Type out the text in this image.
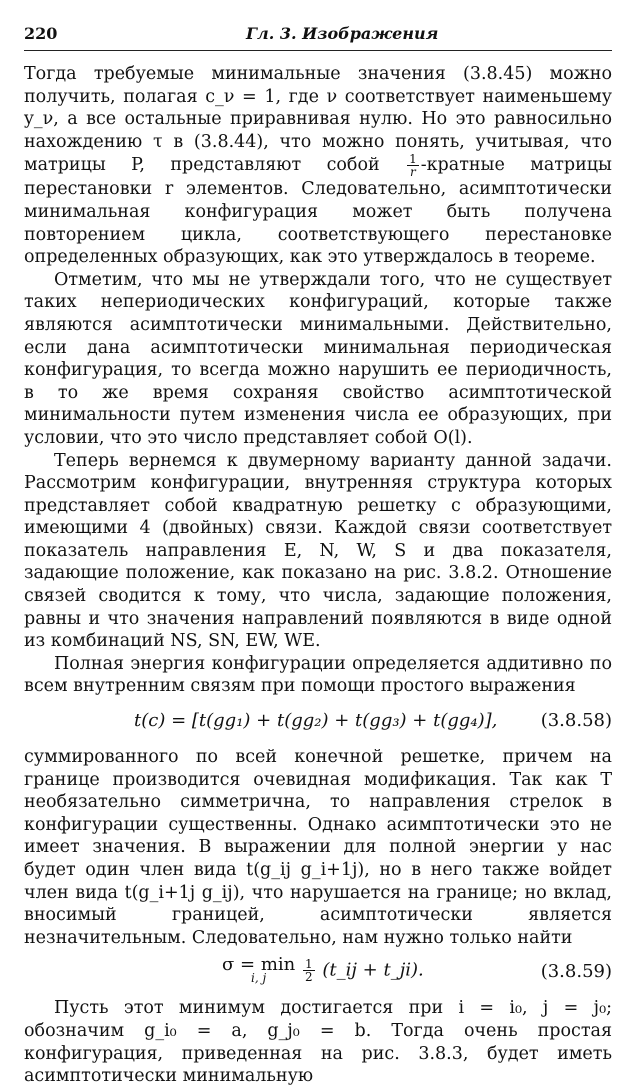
220	Гл. 3. Изображения

Тогда требуемые минимальные значения (3.8.45) можно получить, полагая c_ν = 1, где ν соответствует наименьшему y_ν, а все остальные приравнивая нулю. Но это равносильно нахождению τ в (3.8.44), что можно понять, учитывая, что матрицы P, представляют собой $\frac{1}{r}$ -кратные матрицы перестановки r элементов. Следовательно, асимптотически минимальная конфигурация может быть получена повторением цикла, соответствующего перестановке определенных образующих, как это утверждалось в теореме.

Отметим, что мы не утверждали того, что не существует таких непериодических конфигураций, которые также являются асимптотически минимальными. Действительно, если дана асимптотически минимальная периодическая конфигурация, то всегда можно нарушить ее периодичность, в то же время сохраняя свойство асимптотической минимальности путем изменения числа ее образующих, при условии, что это число представляет собой O(l).

Теперь вернемся к двумерному варианту данной задачи. Рассмотрим конфигурации, внутренняя структура которых представляет собой квадратную решетку с образующими, имеющими 4 (двойных) связи. Каждой связи соответствует показатель направления E, N, W, S и два показателя, задающие положение, как показано на рис. 3.8.2. Отношение связей сводится к тому, что числа, задающие положения, равны и что значения направлений появляются в виде одной из комбинаций NS, SN, EW, WE.

Полная энергия конфигурации определяется аддитивно по всем внутренним связям при помощи простого выражения

t(c) = [t(gg₁) + t(gg₂) + t(gg₃) + t(gg₄)], (3.8.58)

суммированного по всей конечной решетке, причем на границе производится очевидная модификация. Так как T необязательно симметрична, то направления стрелок в конфигурации существенны. Однако асимптотически это не имеет значения. В выражении для полной энергии у нас будет один член вида t(g_ij g_i+1j), но в него также войдет член вида t(g_i+1j g_ij), что нарушается на границе; но вклад, вносимый границей, асимптотически является незначительным. Следовательно, нам нужно только найти

σ = min
i, j
	$\frac{1}{2}$ (t_ij + t_ji).	(3.8.59)

Пусть этот минимум достигается при i = i₀, j = j₀; обозначим g_i₀ = a, g_j₀ = b. Тогда очень простая конфигурация, приведенная на рис. 3.8.3, будет иметь асимптотически минимальную
